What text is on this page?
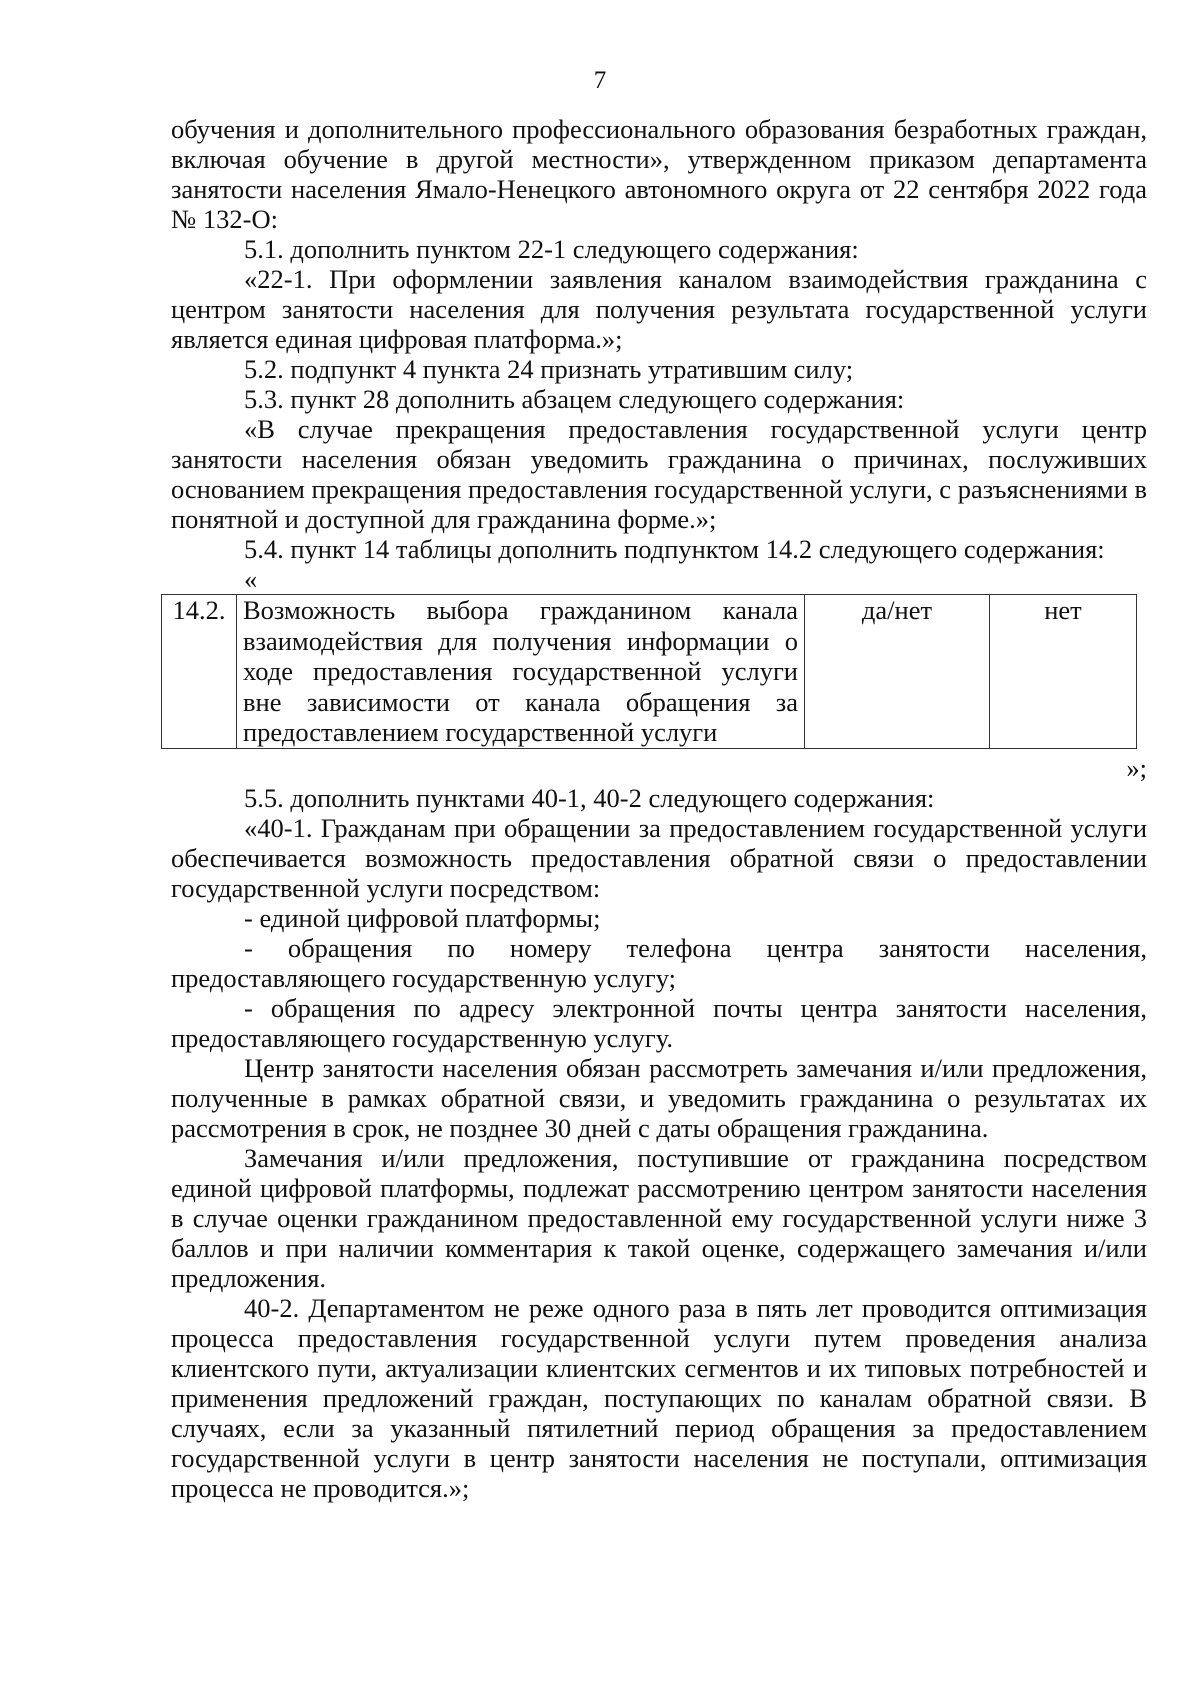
7

обучения и дополнительного профессионального образования безработных граждан, включая обучение в другой местности», утвержденном приказом департамента занятости населения Ямало-Ненецкого автономного округа от 22 сентября 2022 года № 132-О:

5.1. дополнить пунктом 22-1 следующего содержания:

«22-1. При оформлении заявления каналом взаимодействия гражданина с центром занятости населения для получения результата государственной услуги является единая цифровая платформа.»;

5.2. подпункт 4 пункта 24 признать утратившим силу;

5.3. пункт 28 дополнить абзацем следующего содержания:

«В случае прекращения предоставления государственной услуги центр занятости населения обязан уведомить гражданина о причинах, послуживших основанием прекращения предоставления государственной услуги, с разъяснениями в понятной и доступной для гражданина форме.»;

5.4. пункт 14 таблицы дополнить подпунктом 14.2 следующего содержания:

«
14.2.	Возможность выбора гражданином канала взаимодействия для получения информации о ходе предоставления государственной услуги вне зависимости от канала обращения за предоставлением государственной услуги	да/нет	нет
»;

5.5. дополнить пунктами 40-1, 40-2 следующего содержания:

«40-1. Гражданам при обращении за предоставлением государственной услуги обеспечивается возможность предоставления обратной связи о предоставлении государственной услуги посредством:

- единой цифровой платформы;

- обращения по номеру телефона центра занятости населения, предоставляющего государственную услугу;

- обращения по адресу электронной почты центра занятости населения, предоставляющего государственную услугу.

Центр занятости населения обязан рассмотреть замечания и/или предложения, полученные в рамках обратной связи, и уведомить гражданина о результатах их рассмотрения в срок, не позднее 30 дней с даты обращения гражданина.

Замечания и/или предложения, поступившие от гражданина посредством единой цифровой платформы, подлежат рассмотрению центром занятости населения в случае оценки гражданином предоставленной ему государственной услуги ниже 3 баллов и при наличии комментария к такой оценке, содержащего замечания и/или предложения.

40-2. Департаментом не реже одного раза в пять лет проводится оптимизация процесса предоставления государственной услуги путем проведения анализа клиентского пути, актуализации клиентских сегментов и их типовых потребностей и применения предложений граждан, поступающих по каналам обратной связи. В случаях, если за указанный пятилетний период обращения за предоставлением государственной услуги в центр занятости населения не поступали, оптимизация процесса не проводится.»;
